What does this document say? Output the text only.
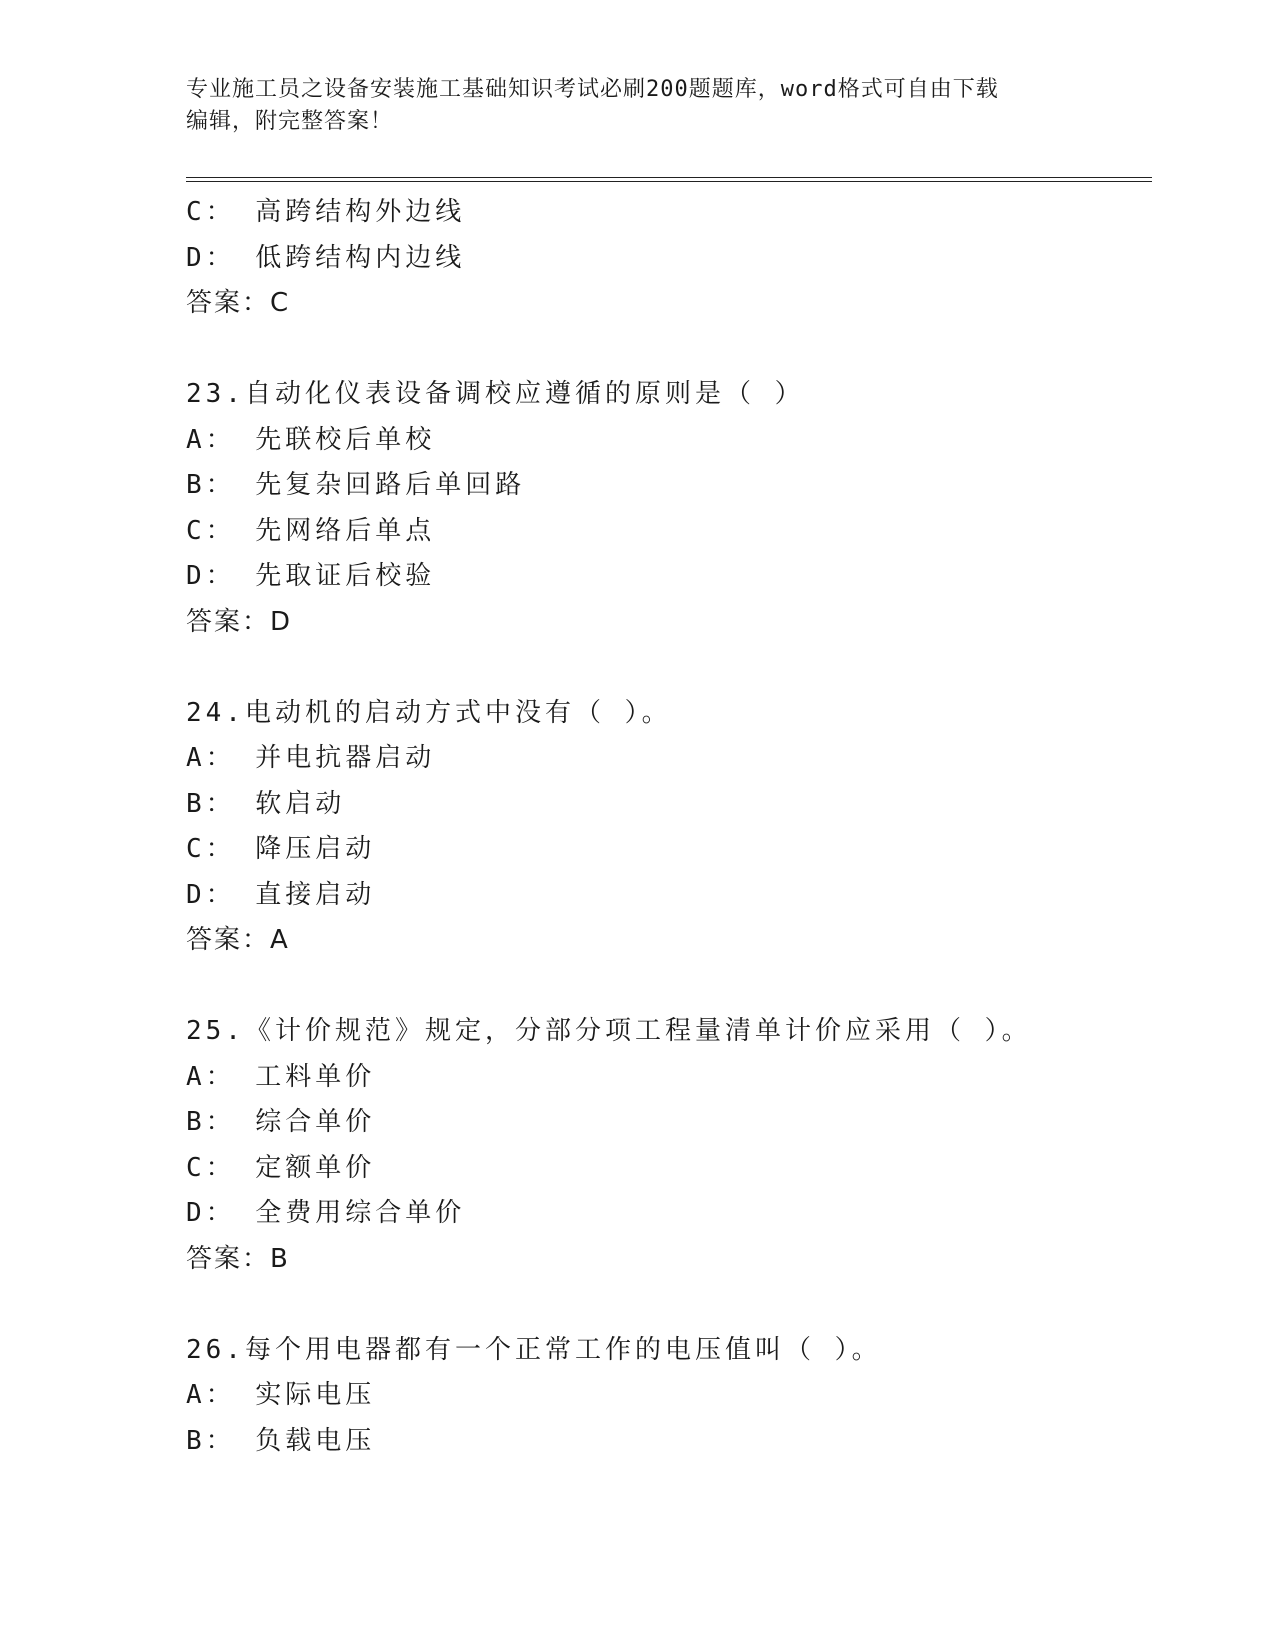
专业施工员之设备安装施工基础知识考试必刷200题题库，word格式可自由下载
编辑，附完整答案！
C： 高跨结构外边线
D： 低跨结构内边线
答案：C
23.自动化仪表设备调校应遵循的原则是（ ）
A： 先联校后单校
B： 先复杂回路后单回路
C： 先网络后单点
D： 先取证后校验
答案：D
24.电动机的启动方式中没有（ ）。
A： 并电抗器启动
B： 软启动
C： 降压启动
D： 直接启动
答案：A
25.《计价规范》规定，分部分项工程量清单计价应采用（ ）。
A： 工料单价
B： 综合单价
C： 定额单价
D： 全费用综合单价
答案：B
26.每个用电器都有一个正常工作的电压值叫（ ）。
A： 实际电压
B： 负载电压
